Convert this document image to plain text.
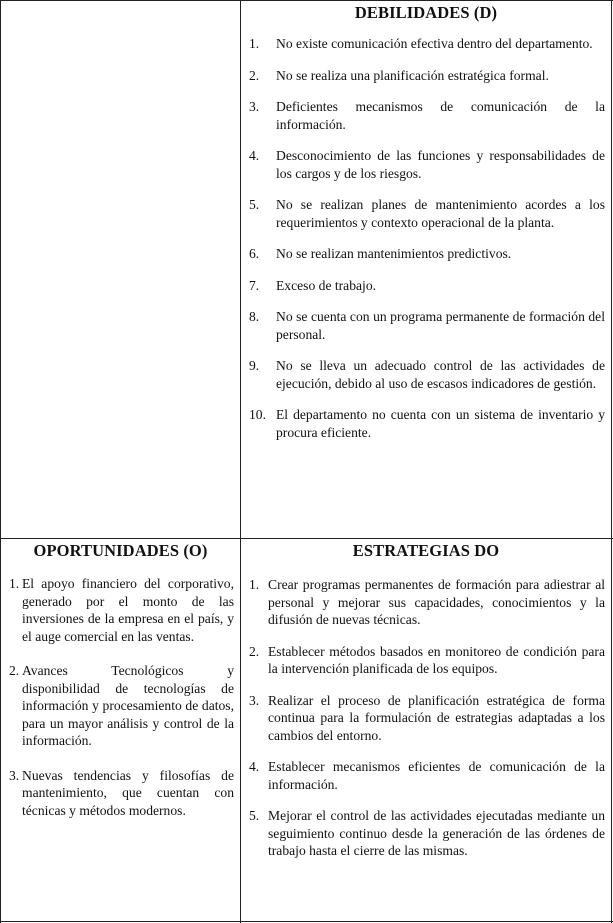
DEBILIDADES (D)
1. No existe comunicación efectiva dentro del departamento.
2. No se realiza una planificación estratégica formal.
3. Deficientes mecanismos de comunicación de la información.
4. Desconocimiento de las funciones y responsabilidades de los cargos y de los riesgos.
5. No se realizan planes de mantenimiento acordes a los requerimientos y contexto operacional de la planta.
6. No se realizan mantenimientos predictivos.
7. Exceso de trabajo.
8. No se cuenta con un programa permanente de formación del personal.
9. No se lleva un adecuado control de las actividades de ejecución, debido al uso de escasos indicadores de gestión.
10. El departamento no cuenta con un sistema de inventario y procura eficiente.
OPORTUNIDADES (O)
1. El apoyo financiero del corporativo, generado por el monto de las inversiones de la empresa en el país, y el auge comercial en las ventas.
2. Avances Tecnológicos y disponibilidad de tecnologías de información y procesamiento de datos, para un mayor análisis y control de la información.
3. Nuevas tendencias y filosofías de mantenimiento, que cuentan con técnicas y métodos modernos.
ESTRATEGIAS DO
1. Crear programas permanentes de formación para adiestrar al personal y mejorar sus capacidades, conocimientos y la difusión de nuevas técnicas.
2. Establecer métodos basados en monitoreo de condición para la intervención planificada de los equipos.
3. Realizar el proceso de planificación estratégica de forma continua para la formulación de estrategias adaptadas a los cambios del entorno.
4. Establecer mecanismos eficientes de comunicación de la información.
5. Mejorar el control de las actividades ejecutadas mediante un seguimiento continuo desde la generación de las órdenes de trabajo hasta el cierre de las mismas.
